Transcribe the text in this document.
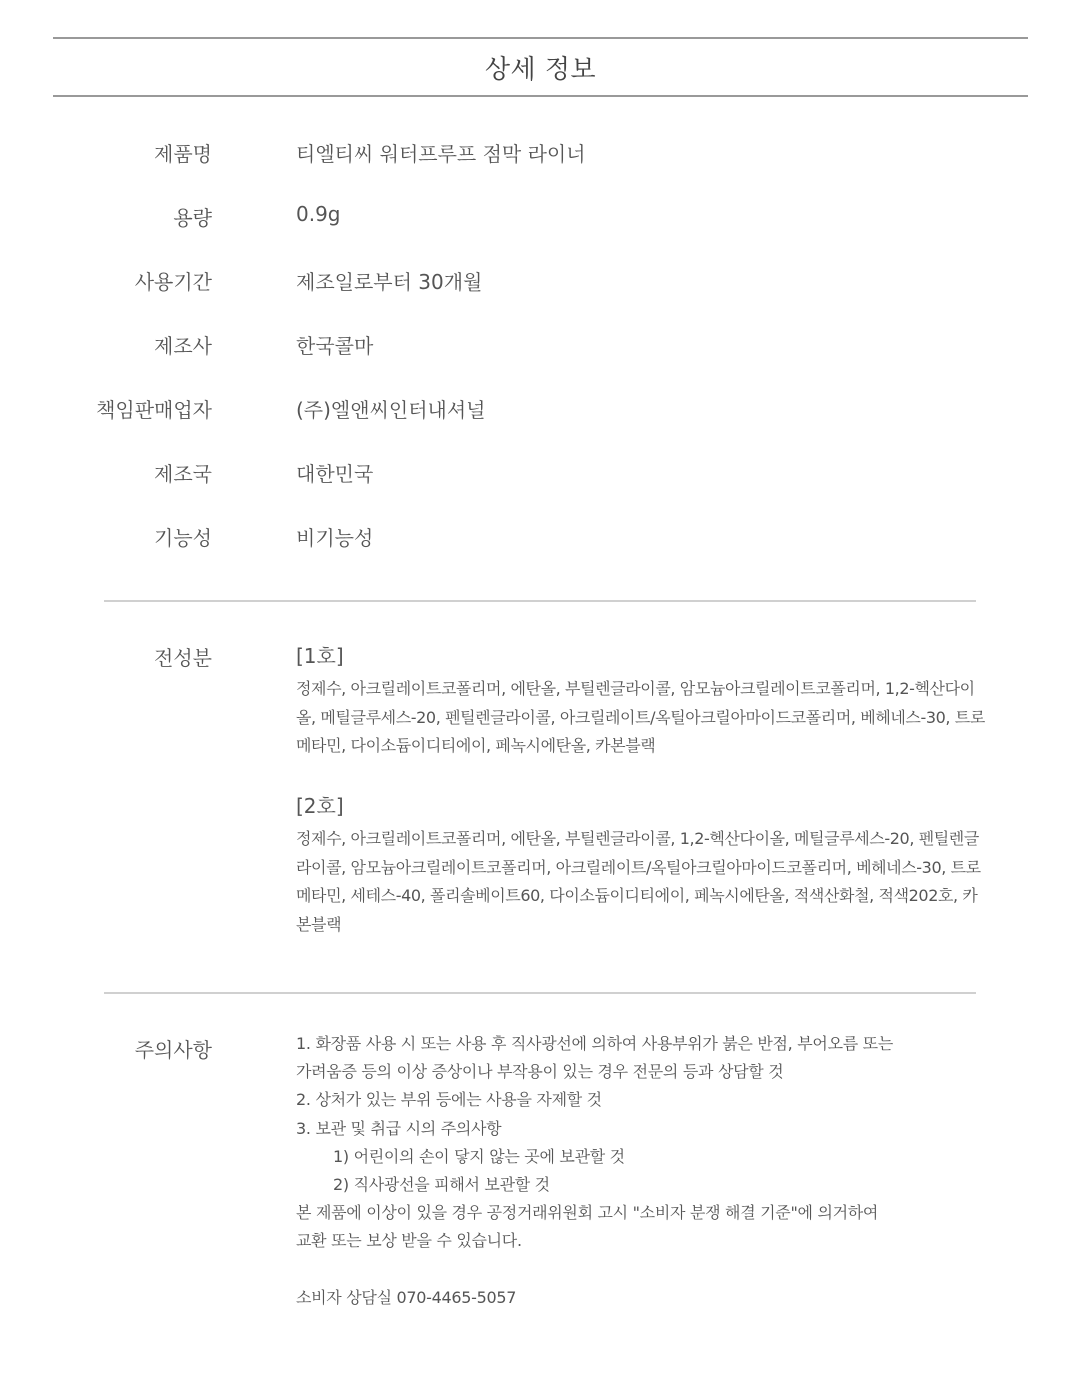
상세 정보
제품명	티엘티씨 워터프루프 점막 라이너
용량	0.9g
사용기간	제조일로부터 30개월
제조사	한국콜마
책임판매업자	(주)엘앤씨인터내셔널
제조국	대한민국
기능성	비기능성
전성분	[1호]
정제수, 아크릴레이트코폴리머, 에탄올, 부틸렌글라이콜, 암모늄아크릴레이트코폴리머, 1,2-헥산다이올, 메틸글루세스-20, 펜틸렌글라이콜, 아크릴레이트/옥틸아크릴아마이드코폴리머, 베헤네스-30, 트로메타민, 다이소듐이디티에이, 페녹시에탄올, 카본블랙
[2호]
정제수, 아크릴레이트코폴리머, 에탄올, 부틸렌글라이콜, 1,2-헥산다이올, 메틸글루세스-20, 펜틸렌글라이콜, 암모늄아크릴레이트코폴리머, 아크릴레이트/옥틸아크릴아마이드코폴리머, 베헤네스-30, 트로메타민, 세테스-40, 폴리솔베이트60, 다이소듐이디티에이, 페녹시에탄올, 적색산화철, 적색202호, 카본블랙
주의사항	1. 화장품 사용 시 또는 사용 후 직사광선에 의하여 사용부위가 붉은 반점, 부어오름 또는
가려움증 등의 이상 증상이나 부작용이 있는 경우 전문의 등과 상담할 것
2. 상처가 있는 부위 등에는 사용을 자제할 것
3. 보관 및 취급 시의 주의사항
1) 어린이의 손이 닿지 않는 곳에 보관할 것
2) 직사광선을 피해서 보관할 것
본 제품에 이상이 있을 경우 공정거래위원회 고시 "소비자 분쟁 해결 기준"에 의거하여
교환 또는 보상 받을 수 있습니다.
소비자 상담실 070-4465-5057
